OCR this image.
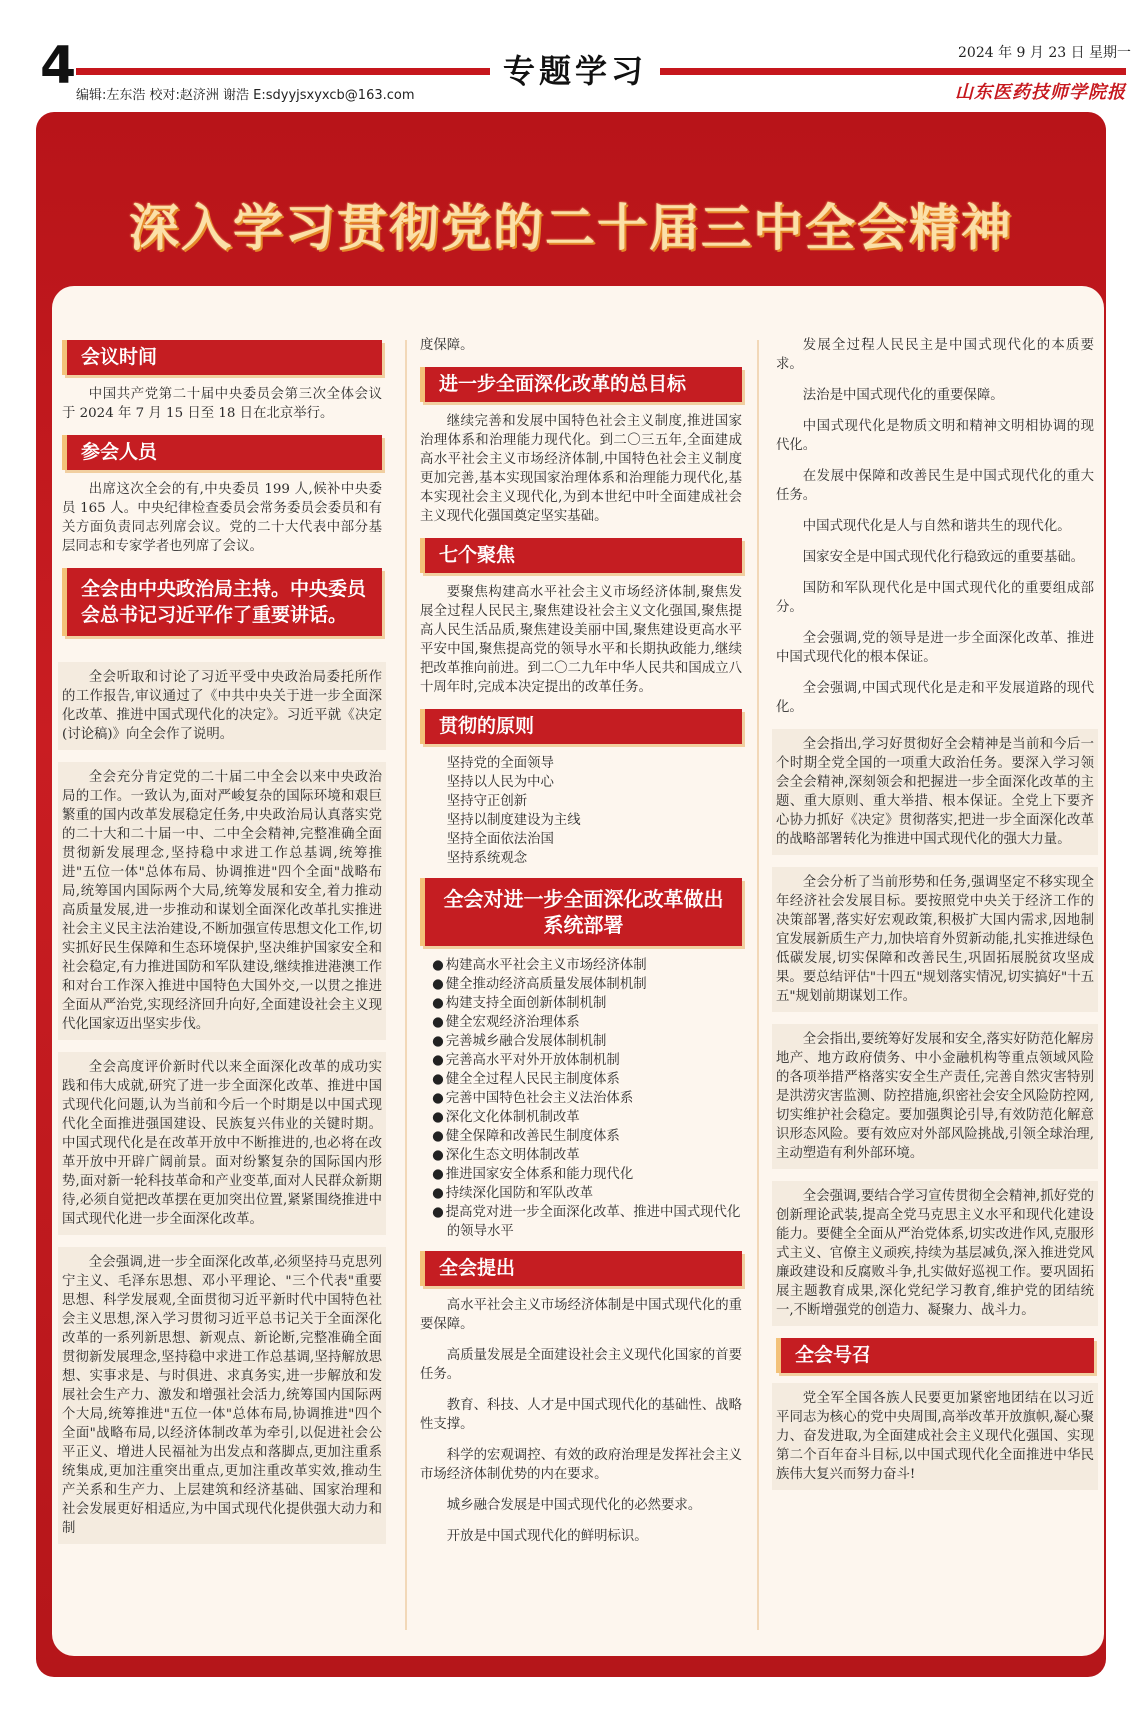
4	专题学习
编辑:左东浩 校对:赵济洲 谢浩 E:sdyyjsxyxcb@163.com
2024 年 9 月 23 日 星期一
山东医药技师学院报
深入学习贯彻党的二十届三中全会精神
会议时间

中国共产党第二十届中央委员会第三次全体会议于 2024 年 7 月 15 日至 18 日在北京举行。

参会人员

出席这次全会的有,中央委员 199 人,候补中央委员 165 人。中央纪律检查委员会常务委员会委员和有关方面负责同志列席会议。党的二十大代表中部分基层同志和专家学者也列席了会议。

全会由中央政治局主持。中央委员会总书记习近平作了重要讲话。

全会听取和讨论了习近平受中央政治局委托所作的工作报告,审议通过了《中共中央关于进一步全面深化改革、推进中国式现代化的决定》。习近平就《决定(讨论稿)》向全会作了说明。

全会充分肯定党的二十届二中全会以来中央政治局的工作。一致认为,面对严峻复杂的国际环境和艰巨繁重的国内改革发展稳定任务,中央政治局认真落实党的二十大和二十届一中、二中全会精神,完整准确全面贯彻新发展理念,坚持稳中求进工作总基调,统筹推进"五位一体"总体布局、协调推进"四个全面"战略布局,统筹国内国际两个大局,统筹发展和安全,着力推动高质量发展,进一步推动和谋划全面深化改革扎实推进社会主义民主法治建设,不断加强宣传思想文化工作,切实抓好民生保障和生态环境保护,坚决维护国家安全和社会稳定,有力推进国防和军队建设,继续推进港澳工作和对台工作深入推进中国特色大国外交,一以贯之推进全面从严治党,实现经济回升向好,全面建设社会主义现代化国家迈出坚实步伐。

全会高度评价新时代以来全面深化改革的成功实践和伟大成就,研究了进一步全面深化改革、推进中国式现代化问题,认为当前和今后一个时期是以中国式现代化全面推进强国建设、民族复兴伟业的关键时期。中国式现代化是在改革开放中不断推进的,也必将在改革开放中开辟广阔前景。面对纷繁复杂的国际国内形势,面对新一轮科技革命和产业变革,面对人民群众新期待,必须自觉把改革摆在更加突出位置,紧紧围绕推进中国式现代化进一步全面深化改革。

全会强调,进一步全面深化改革,必须坚持马克思列宁主义、毛泽东思想、邓小平理论、"三个代表"重要思想、科学发展观,全面贯彻习近平新时代中国特色社会主义思想,深入学习贯彻习近平总书记关于全面深化改革的一系列新思想、新观点、新论断,完整准确全面贯彻新发展理念,坚持稳中求进工作总基调,坚持解放思想、实事求是、与时俱进、求真务实,进一步解放和发展社会生产力、激发和增强社会活力,统筹国内国际两个大局,统筹推进"五位一体"总体布局,协调推进"四个全面"战略布局,以经济体制改革为牵引,以促进社会公平正义、增进人民福祉为出发点和落脚点,更加注重系统集成,更加注重突出重点,更加注重改革实效,推动生产关系和生产力、上层建筑和经济基础、国家治理和社会发展更好相适应,为中国式现代化提供强大动力和制

度保障。

进一步全面深化改革的总目标

继续完善和发展中国特色社会主义制度,推进国家治理体系和治理能力现代化。到二〇三五年,全面建成高水平社会主义市场经济体制,中国特色社会主义制度更加完善,基本实现国家治理体系和治理能力现代化,基本实现社会主义现代化,为到本世纪中叶全面建成社会主义现代化强国奠定坚实基础。

七个聚焦

要聚焦构建高水平社会主义市场经济体制,聚焦发展全过程人民民主,聚焦建设社会主义文化强国,聚焦提高人民生活品质,聚焦建设美丽中国,聚焦建设更高水平平安中国,聚焦提高党的领导水平和长期执政能力,继续把改革推向前进。到二〇二九年中华人民共和国成立八十周年时,完成本决定提出的改革任务。

贯彻的原则
坚持党的全面领导
坚持以人民为中心
坚持守正创新
坚持以制度建设为主线
坚持全面依法治国
坚持系统观念
全会对进一步全面深化改革做出系统部署
● 构建高水平社会主义市场经济体制
● 健全推动经济高质量发展体制机制
● 构建支持全面创新体制机制
● 健全宏观经济治理体系
● 完善城乡融合发展体制机制
● 完善高水平对外开放体制机制
● 健全全过程人民民主制度体系
● 完善中国特色社会主义法治体系
● 深化文化体制机制改革
● 健全保障和改善民生制度体系
● 深化生态文明体制改革
● 推进国家安全体系和能力现代化
● 持续深化国防和军队改革
● 提高党对进一步全面深化改革、推进中国式现代化的领导水平
全会提出

高水平社会主义市场经济体制是中国式现代化的重要保障。

高质量发展是全面建设社会主义现代化国家的首要任务。

教育、科技、人才是中国式现代化的基础性、战略性支撑。

科学的宏观调控、有效的政府治理是发挥社会主义市场经济体制优势的内在要求。

城乡融合发展是中国式现代化的必然要求。

开放是中国式现代化的鲜明标识。

发展全过程人民民主是中国式现代化的本质要求。

法治是中国式现代化的重要保障。

中国式现代化是物质文明和精神文明相协调的现代化。

在发展中保障和改善民生是中国式现代化的重大任务。

中国式现代化是人与自然和谐共生的现代化。

国家安全是中国式现代化行稳致远的重要基础。

国防和军队现代化是中国式现代化的重要组成部分。

全会强调,党的领导是进一步全面深化改革、推进中国式现代化的根本保证。

全会强调,中国式现代化是走和平发展道路的现代化。

全会指出,学习好贯彻好全会精神是当前和今后一个时期全党全国的一项重大政治任务。要深入学习领会全会精神,深刻领会和把握进一步全面深化改革的主题、重大原则、重大举措、根本保证。全党上下要齐心协力抓好《决定》贯彻落实,把进一步全面深化改革的战略部署转化为推进中国式现代化的强大力量。

全会分析了当前形势和任务,强调坚定不移实现全年经济社会发展目标。要按照党中央关于经济工作的决策部署,落实好宏观政策,积极扩大国内需求,因地制宜发展新质生产力,加快培育外贸新动能,扎实推进绿色低碳发展,切实保障和改善民生,巩固拓展脱贫攻坚成果。要总结评估"十四五"规划落实情况,切实搞好"十五五"规划前期谋划工作。

全会指出,要统筹好发展和安全,落实好防范化解房地产、地方政府债务、中小金融机构等重点领域风险的各项举措严格落实安全生产责任,完善自然灾害特别是洪涝灾害监测、防控措施,织密社会安全风险防控网,切实维护社会稳定。要加强舆论引导,有效防范化解意识形态风险。要有效应对外部风险挑战,引领全球治理,主动塑造有利外部环境。

全会强调,要结合学习宣传贯彻全会精神,抓好党的创新理论武装,提高全党马克思主义水平和现代化建设能力。要健全全面从严治党体系,切实改进作风,克服形式主义、官僚主义顽疾,持续为基层减负,深入推进党风廉政建设和反腐败斗争,扎实做好巡视工作。要巩固拓展主题教育成果,深化党纪学习教育,维护党的团结统一,不断增强党的创造力、凝聚力、战斗力。

全会号召

党全军全国各族人民要更加紧密地团结在以习近平同志为核心的党中央周围,高举改革开放旗帜,凝心聚力、奋发进取,为全面建成社会主义现代化强国、实现第二个百年奋斗目标,以中国式现代化全面推进中华民族伟大复兴而努力奋斗!
